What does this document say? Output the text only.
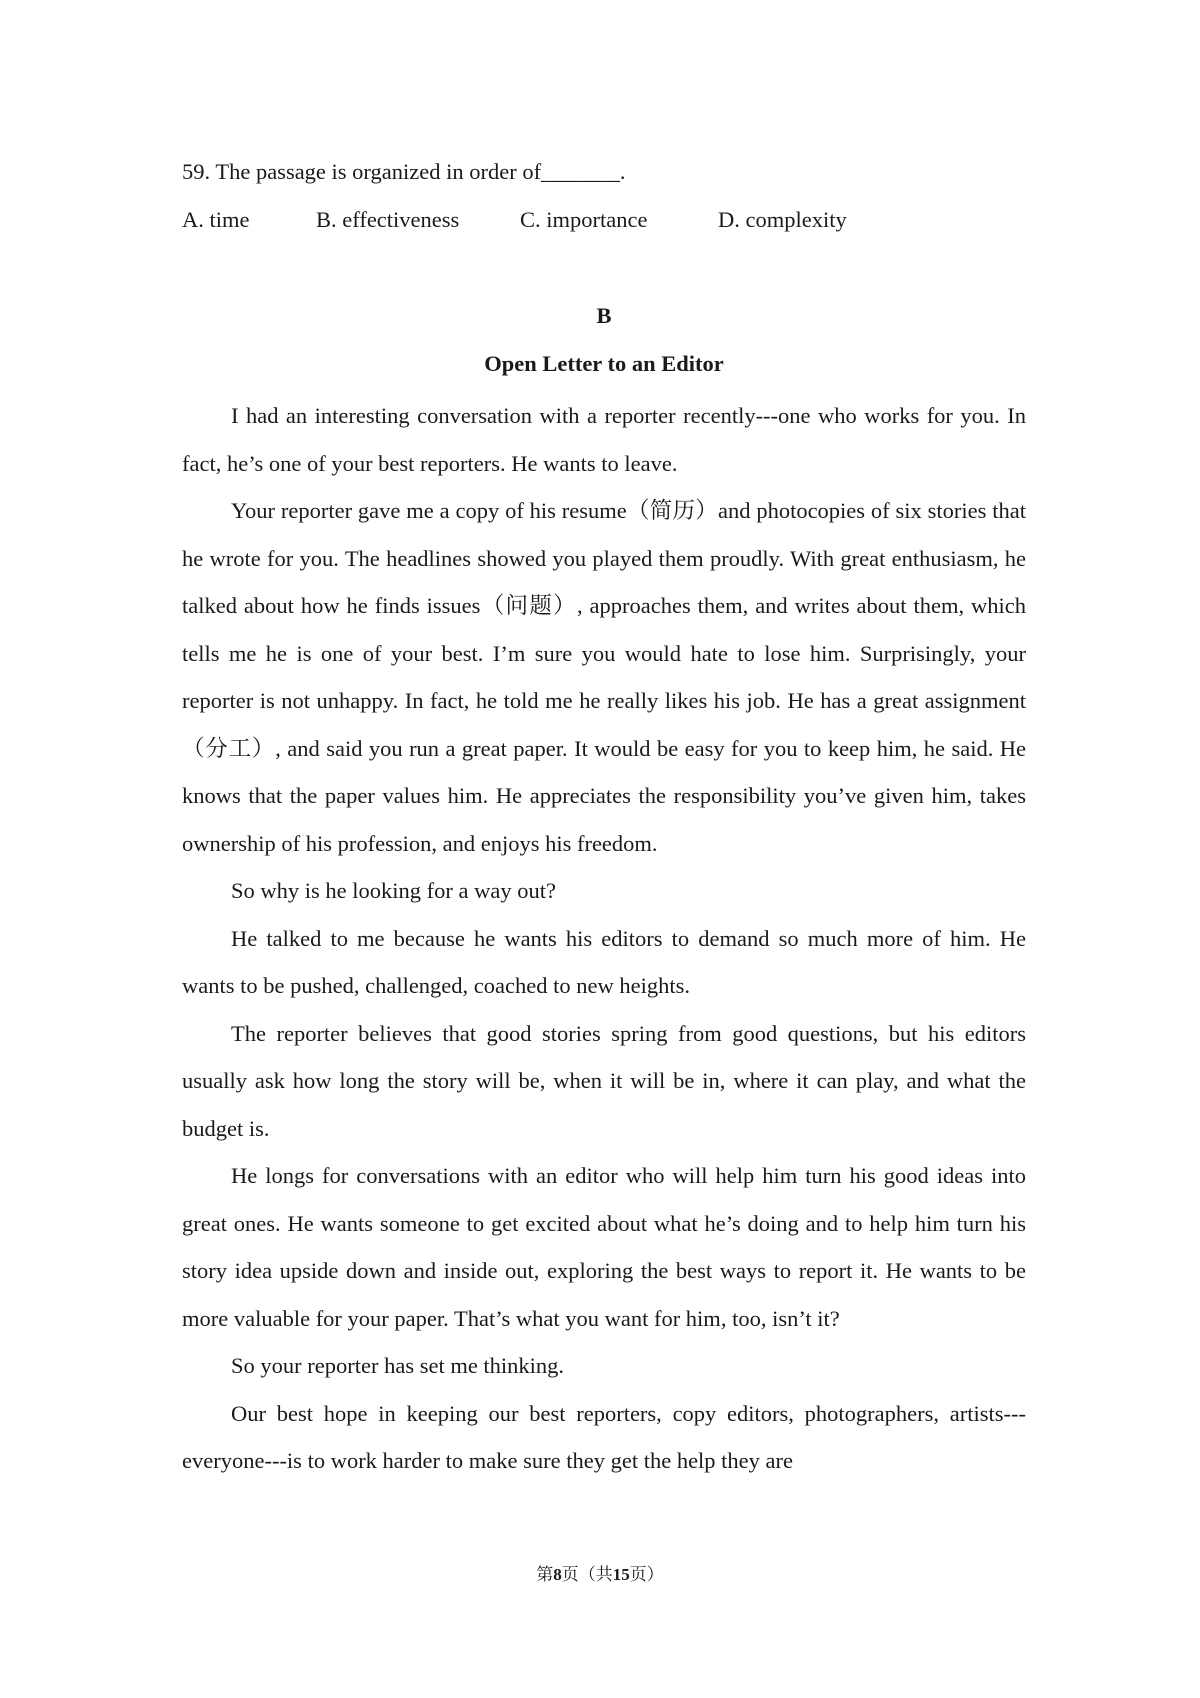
59. The passage is organized in order of_______.
A. time	B. effectiveness	C. importance	D. complexity
B
Open Letter to an Editor

I had an interesting conversation with a reporter recently---one who works for you. In fact, he’s one of your best reporters. He wants to leave.

Your reporter gave me a copy of his resume（简历）and photocopies of six stories that he wrote for you. The headlines showed you played them proudly. With great enthusiasm, he talked about how he finds issues（问题）, approaches them, and writes about them, which tells me he is one of your best. I’m sure you would hate to lose him. Surprisingly, your reporter is not unhappy. In fact, he told me he really likes his job. He has a great assignment（分工）, and said you run a great paper. It would be easy for you to keep him, he said. He knows that the paper values him. He appreciates the responsibility you’ve given him, takes ownership of his profession, and enjoys his freedom.

So why is he looking for a way out?

He talked to me because he wants his editors to demand so much more of him. He wants to be pushed, challenged, coached to new heights.

The reporter believes that good stories spring from good questions, but his editors usually ask how long the story will be, when it will be in, where it can play, and what the budget is.

He longs for conversations with an editor who will help him turn his good ideas into great ones. He wants someone to get excited about what he’s doing and to help him turn his story idea upside down and inside out, exploring the best ways to report it. He wants to be more valuable for your paper. That’s what you want for him, too, isn’t it?

So your reporter has set me thinking.

Our best hope in keeping our best reporters, copy editors, photographers, artists---everyone---is to work harder to make sure they get the help they are

第8页（共15页）
